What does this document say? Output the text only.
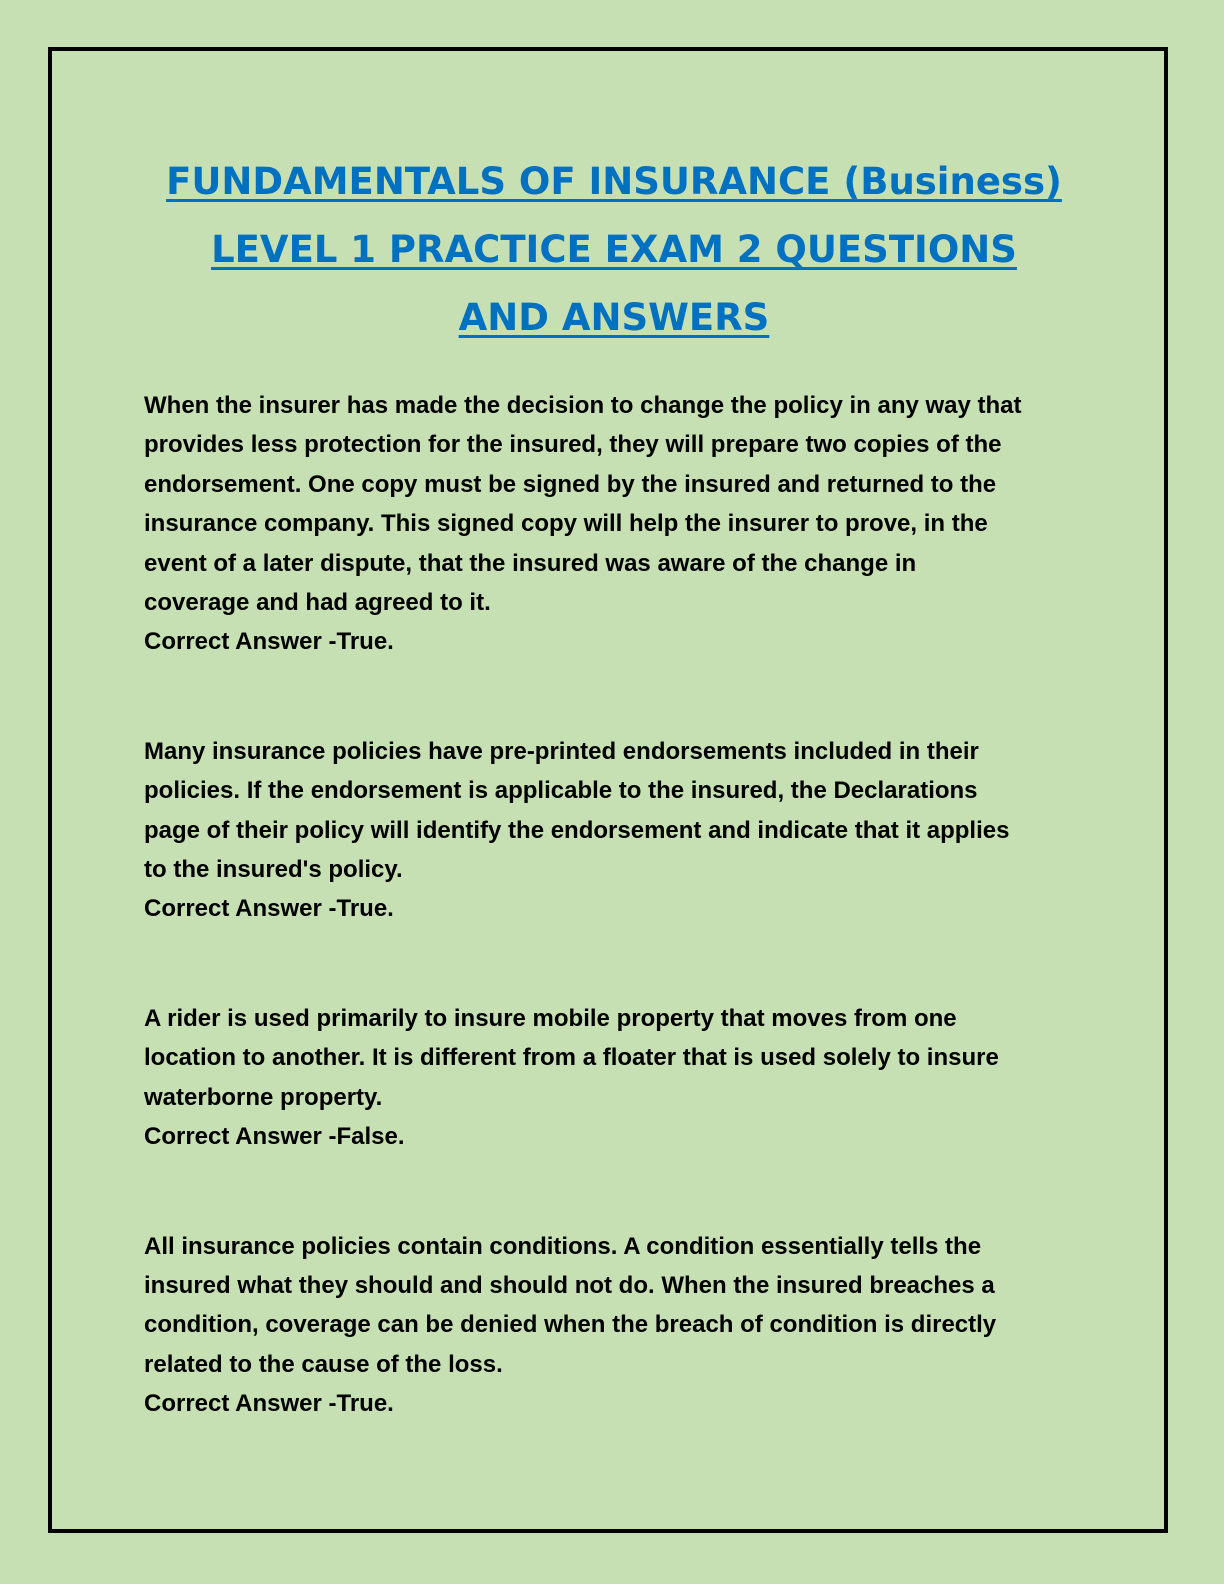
FUNDAMENTALS OF INSURANCE (Business)
LEVEL 1 PRACTICE EXAM 2 QUESTIONS
AND ANSWERS
When the insurer has made the decision to change the policy in any way that
provides less protection for the insured, they will prepare two copies of the
endorsement. One copy must be signed by the insured and returned to the
insurance company. This signed copy will help the insurer to prove, in the
event of a later dispute, that the insured was aware of the change in
coverage and had agreed to it.
Correct Answer -True.
Many insurance policies have pre-printed endorsements included in their
policies. If the endorsement is applicable to the insured, the Declarations
page of their policy will identify the endorsement and indicate that it applies
to the insured's policy.
Correct Answer -True.
A rider is used primarily to insure mobile property that moves from one
location to another. It is different from a floater that is used solely to insure
waterborne property.
Correct Answer -False.
All insurance policies contain conditions. A condition essentially tells the
insured what they should and should not do. When the insured breaches a
condition, coverage can be denied when the breach of condition is directly
related to the cause of the loss.
Correct Answer -True.
